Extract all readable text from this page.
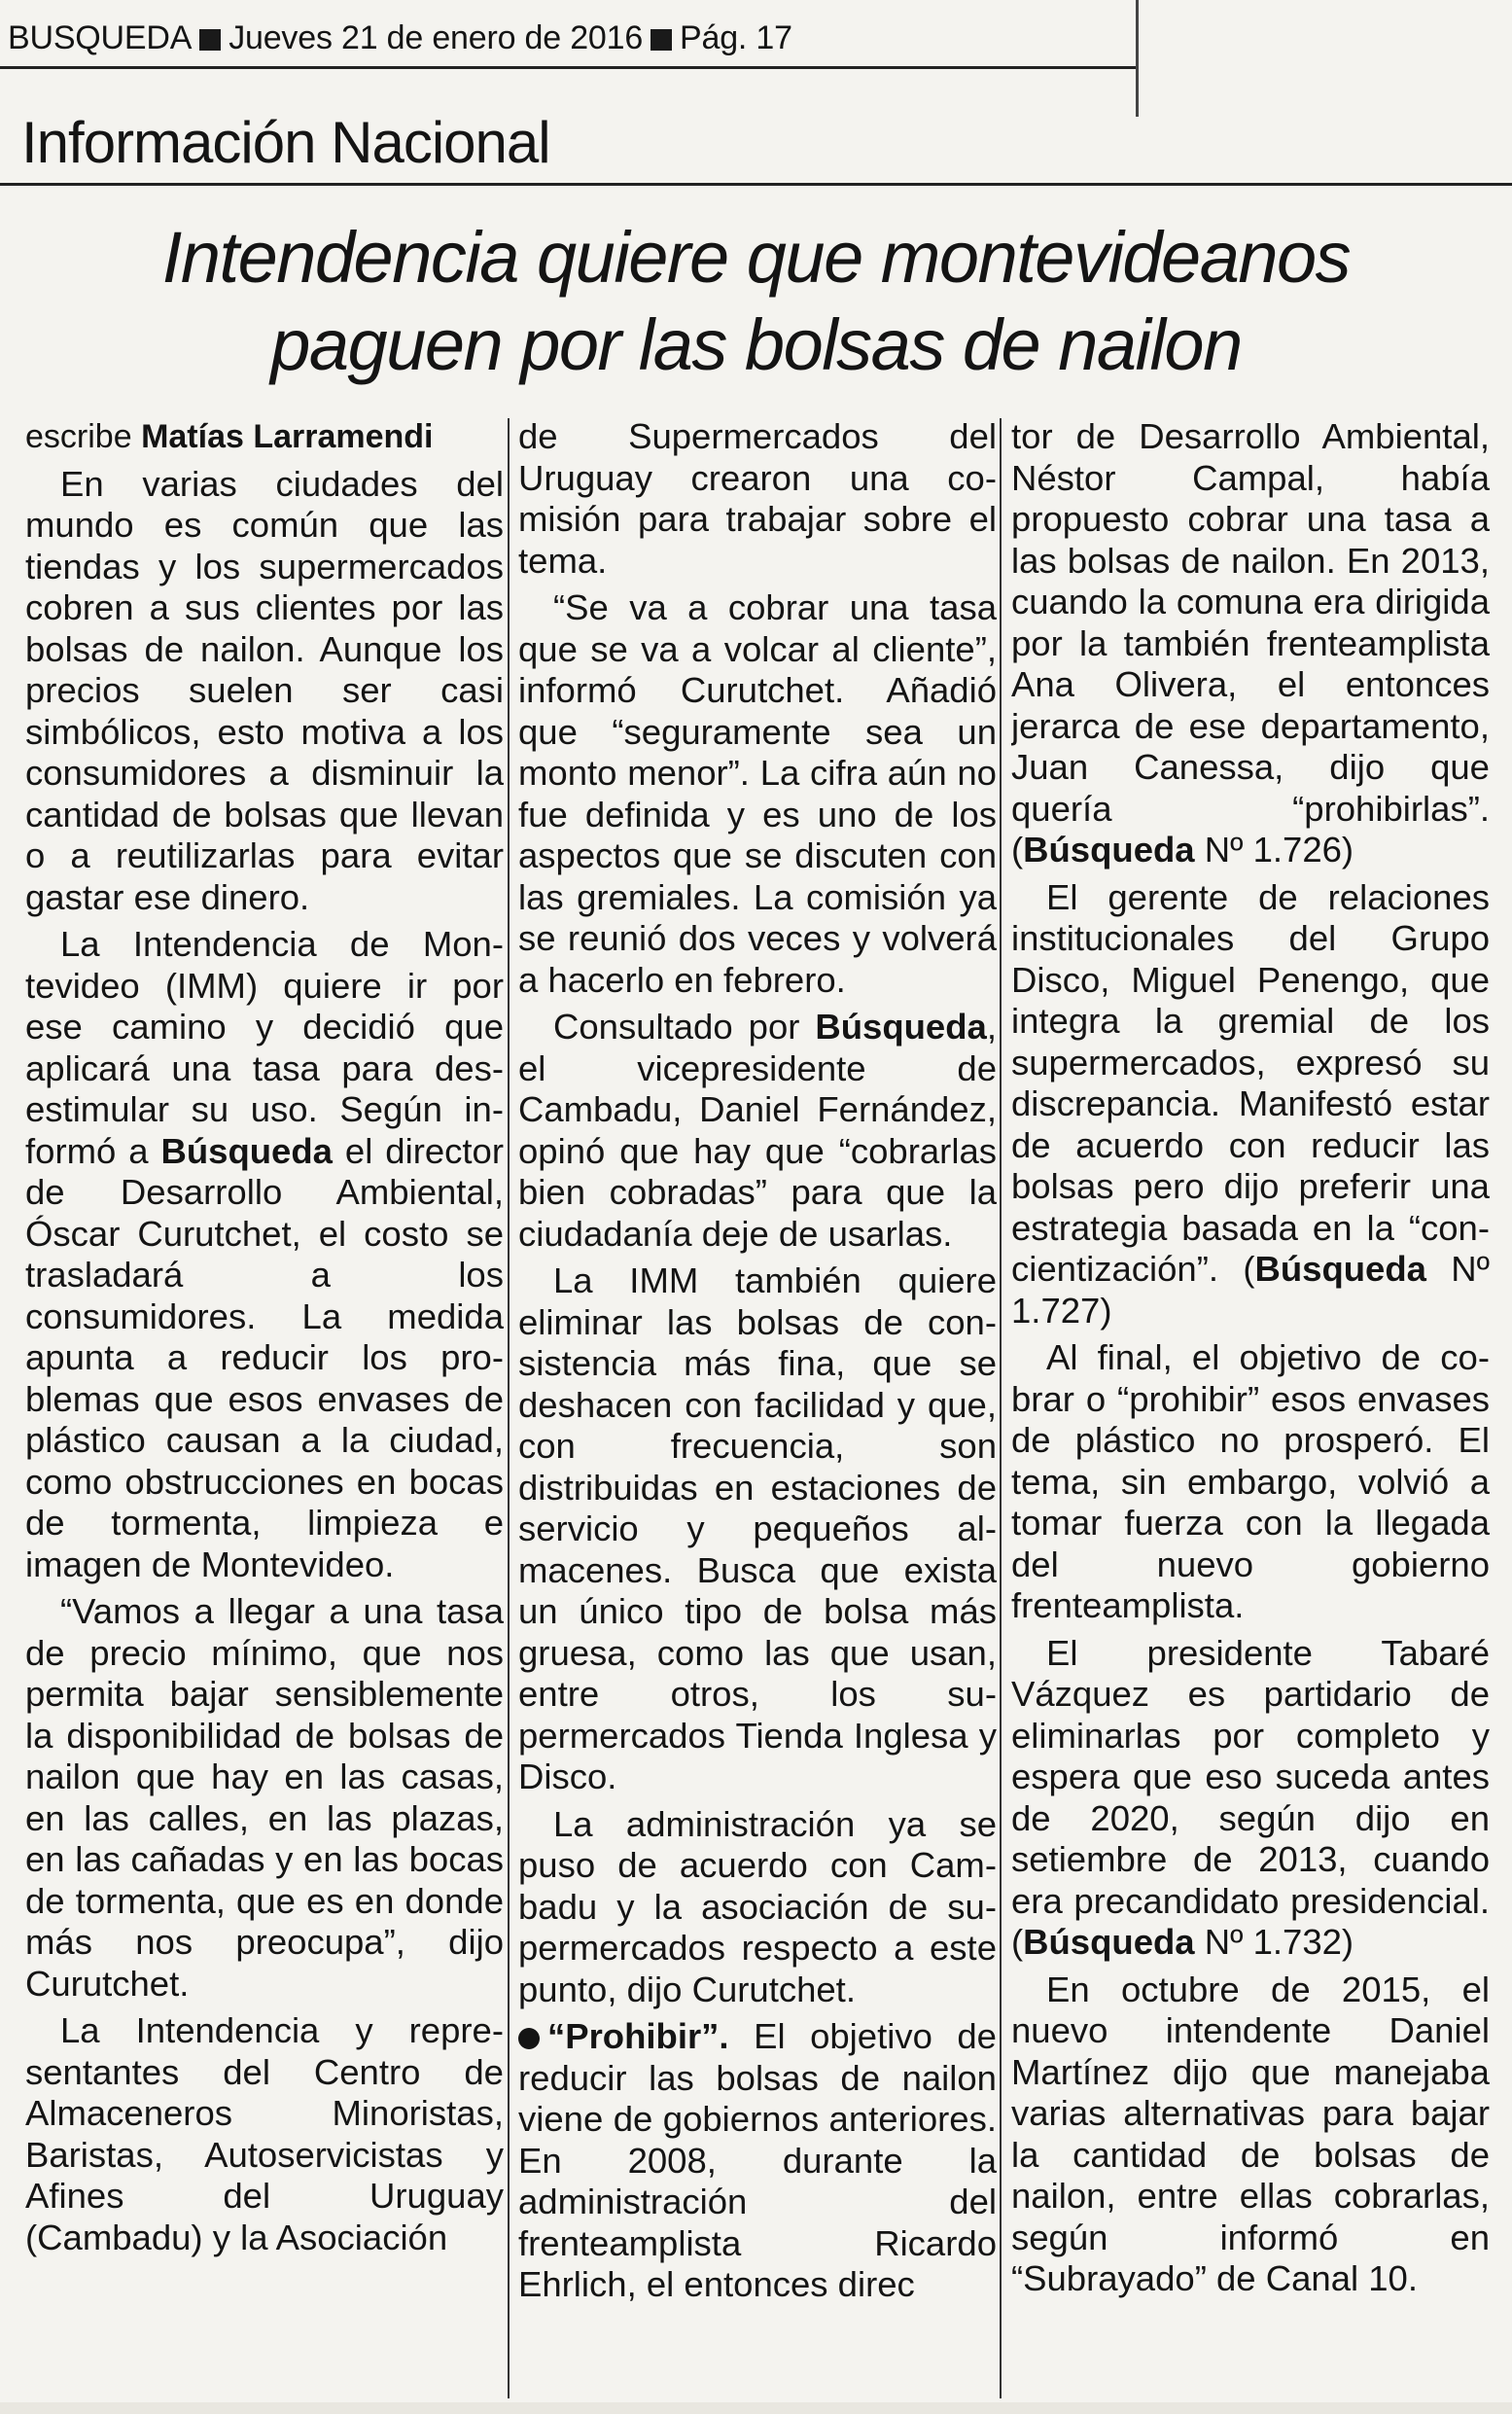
BUSQUEDA Jueves 21 de enero de 2016 Pág. 17
Información Nacional
Intendencia quiere que montevideanos
paguen por las bolsas de nailon

escribe Matías Larramendi

En varias ciudades del mundo es común que las tiendas y los supermercados cobren a sus clientes por las bolsas de nailon. Aunque los precios suelen ser casi simbólicos, esto motiva a los consumidores a disminuir la cantidad de bolsas que llevan o a reutilizarlas para evitar gastar ese dinero.

La Intendencia de Montevideo (IMM) quiere ir por ese camino y decidió que aplicará una tasa para desestimular su uso. Según informó a Búsqueda el director de Desarrollo Ambiental, Óscar Curutchet, el costo se trasladará a los consumidores. La medida apunta a reducir los problemas que esos envases de plástico causan a la ciudad, como obstrucciones en bocas de tormenta, limpieza e imagen de Montevideo.

“Vamos a llegar a una tasa de precio mínimo, que nos permita bajar sensiblemente la disponibilidad de bolsas de nailon que hay en las casas, en las calles, en las plazas, en las cañadas y en las bocas de tormenta, que es en donde más nos preocupa”, dijo Curutchet.

La Intendencia y representantes del Centro de Almaceneros Minoristas, Baristas, Autoservicistas y Afines del Uruguay (Cambadu) y la Asociación

de Supermercados del Uruguay crearon una comisión para trabajar sobre el tema.

“Se va a cobrar una tasa que se va a volcar al cliente”, informó Curutchet. Añadió que “seguramente sea un monto menor”. La cifra aún no fue definida y es uno de los aspectos que se discuten con las gremiales. La comisión ya se reunió dos veces y volverá a hacerlo en febrero.

Consultado por Búsqueda, el vicepresidente de Cambadu, Daniel Fernández, opinó que hay que “cobrarlas bien cobradas” para que la ciudadanía deje de usarlas.

La IMM también quiere eliminar las bolsas de consistencia más fina, que se deshacen con facilidad y que, con frecuencia, son distribuidas en estaciones de servicio y pequeños almacenes. Busca que exista un único tipo de bolsa más gruesa, como las que usan, entre otros, los supermercados Tienda Inglesa y Disco.

La administración ya se puso de acuerdo con Cambadu y la asociación de supermercados respecto a este punto, dijo Curutchet.

“Prohibir”. El objetivo de reducir las bolsas de nailon viene de gobiernos anteriores. En 2008, durante la administración del frenteamplista Ricardo Ehrlich, el entonces direc

tor de Desarrollo Ambiental, Néstor Campal, había propuesto cobrar una tasa a las bolsas de nailon. En 2013, cuando la comuna era dirigida por la también frenteamplista Ana Olivera, el entonces jerarca de ese departamento, Juan Canessa, dijo que quería “prohibirlas”. (Búsqueda Nº 1.726)

El gerente de relaciones institucionales del Grupo Disco, Miguel Penengo, que integra la gremial de los supermercados, expresó su discrepancia. Manifestó estar de acuerdo con reducir las bolsas pero dijo preferir una estrategia basada en la “concientización”. (Búsqueda Nº 1.727)

Al final, el objetivo de cobrar o “prohibir” esos envases de plástico no prosperó. El tema, sin embargo, volvió a tomar fuerza con la llegada del nuevo gobierno frenteamplista.

El presidente Tabaré Vázquez es partidario de eliminarlas por completo y espera que eso suceda antes de 2020, según dijo en setiembre de 2013, cuando era precandidato presidencial. (Búsqueda Nº 1.732)

En octubre de 2015, el nuevo intendente Daniel Martínez dijo que manejaba varias alternativas para bajar la cantidad de bolsas de nailon, entre ellas cobrarlas, según informó en “Subrayado” de Canal 10.
